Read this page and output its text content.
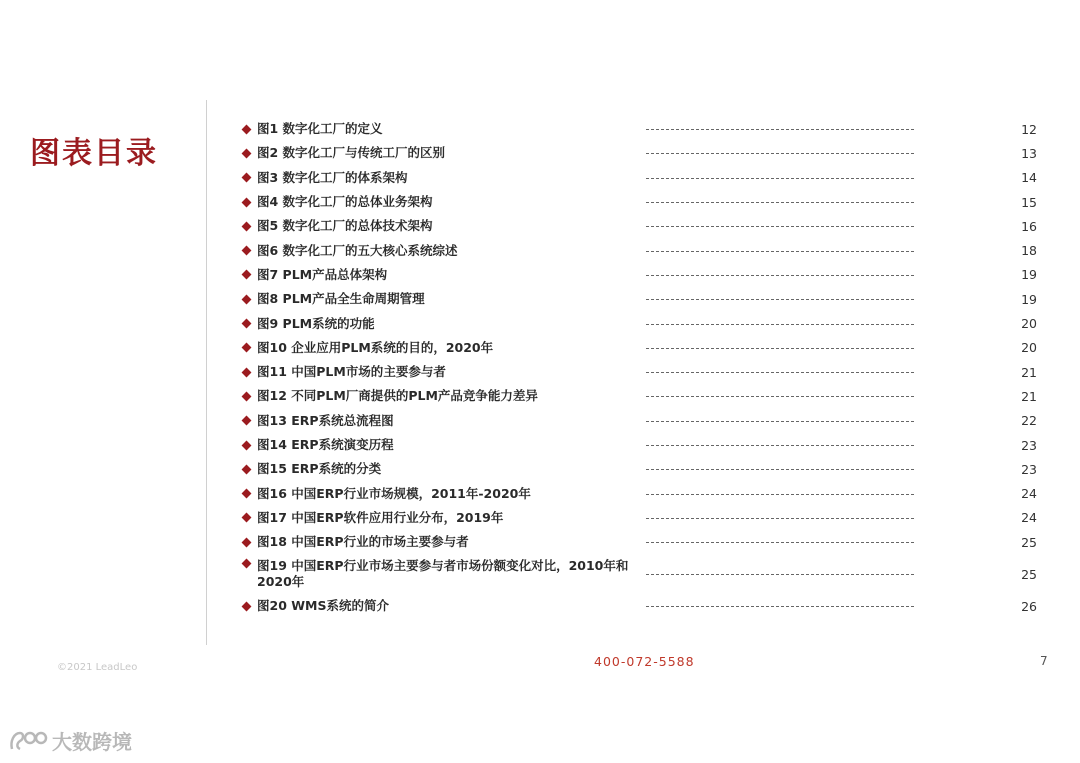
图表目录
图1 数字化工厂的定义	12
图2 数字化工厂与传统工厂的区别	13
图3 数字化工厂的体系架构	14
图4 数字化工厂的总体业务架构	15
图5 数字化工厂的总体技术架构	16
图6 数字化工厂的五大核心系统综述	18
图7 PLM产品总体架构	19
图8 PLM产品全生命周期管理	19
图9 PLM系统的功能	20
图10 企业应用PLM系统的目的，2020年	20
图11 中国PLM市场的主要参与者	21
图12 不同PLM厂商提供的PLM产品竞争能力差异	21
图13 ERP系统总流程图	22
图14 ERP系统演变历程	23
图15 ERP系统的分类	23
图16 中国ERP行业市场规模，2011年-2020年	24
图17 中国ERP软件应用行业分布，2019年	24
图18 中国ERP行业的市场主要参与者	25
图19 中国ERP行业市场主要参与者市场份额变化对比，2010年和2020年	25
图20 WMS系统的简介	26
©2021 LeadLeo	400-072-5588	7
大数跨境
